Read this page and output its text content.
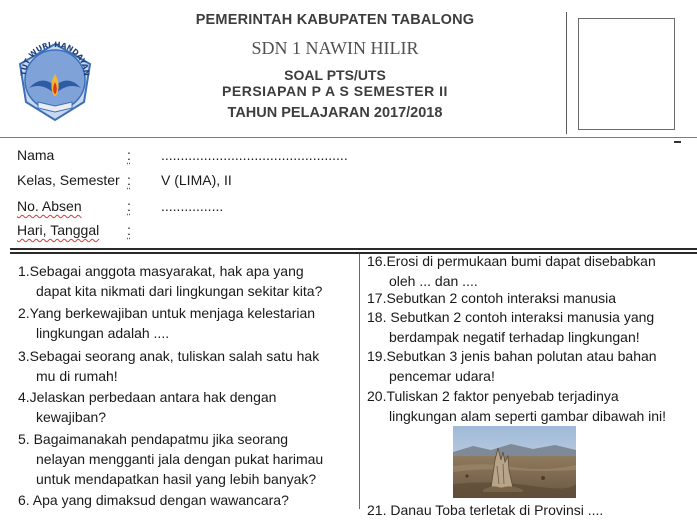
TUT WURI HANDAYAN
PEMERINTAH KABUPATEN TABALONG
SDN 1 NAWIN HILIR
SOAL PTS/UTS
PERSIAPAN P A S SEMESTER II
TAHUN PELAJARAN 2017/2018
Nama	: ................................................
Kelas, Semester : V (LIMA), II
No. Absen	: ................
Hari, Tanggal :
1.Sebagai anggota masyarakat, hak apa yang
dapat kita nikmati dari lingkungan sekitar kita?
2.Yang berkewajiban untuk menjaga kelestarian
lingkungan adalah ....
3.Sebagai seorang anak, tuliskan salah satu hak
mu di rumah!
4.Jelaskan perbedaan antara hak dengan
kewajiban?
5. Bagaimanakah pendapatmu jika seorang
nelayan mengganti jala dengan pukat harimau
untuk mendapatkan hasil yang lebih banyak?
6. Apa yang dimaksud dengan wawancara?
16.Erosi di permukaan bumi dapat disebabkan
oleh ... dan ....
17.Sebutkan 2 contoh interaksi manusia
18. Sebutkan 2 contoh interaksi manusia yang
berdampak negatif terhadap lingkungan!
19.Sebutkan 3 jenis bahan polutan atau bahan
pencemar udara!
20.Tuliskan 2 faktor penyebab terjadinya
lingkungan alam seperti gambar dibawah ini!
21. Danau Toba terletak di Provinsi ....
